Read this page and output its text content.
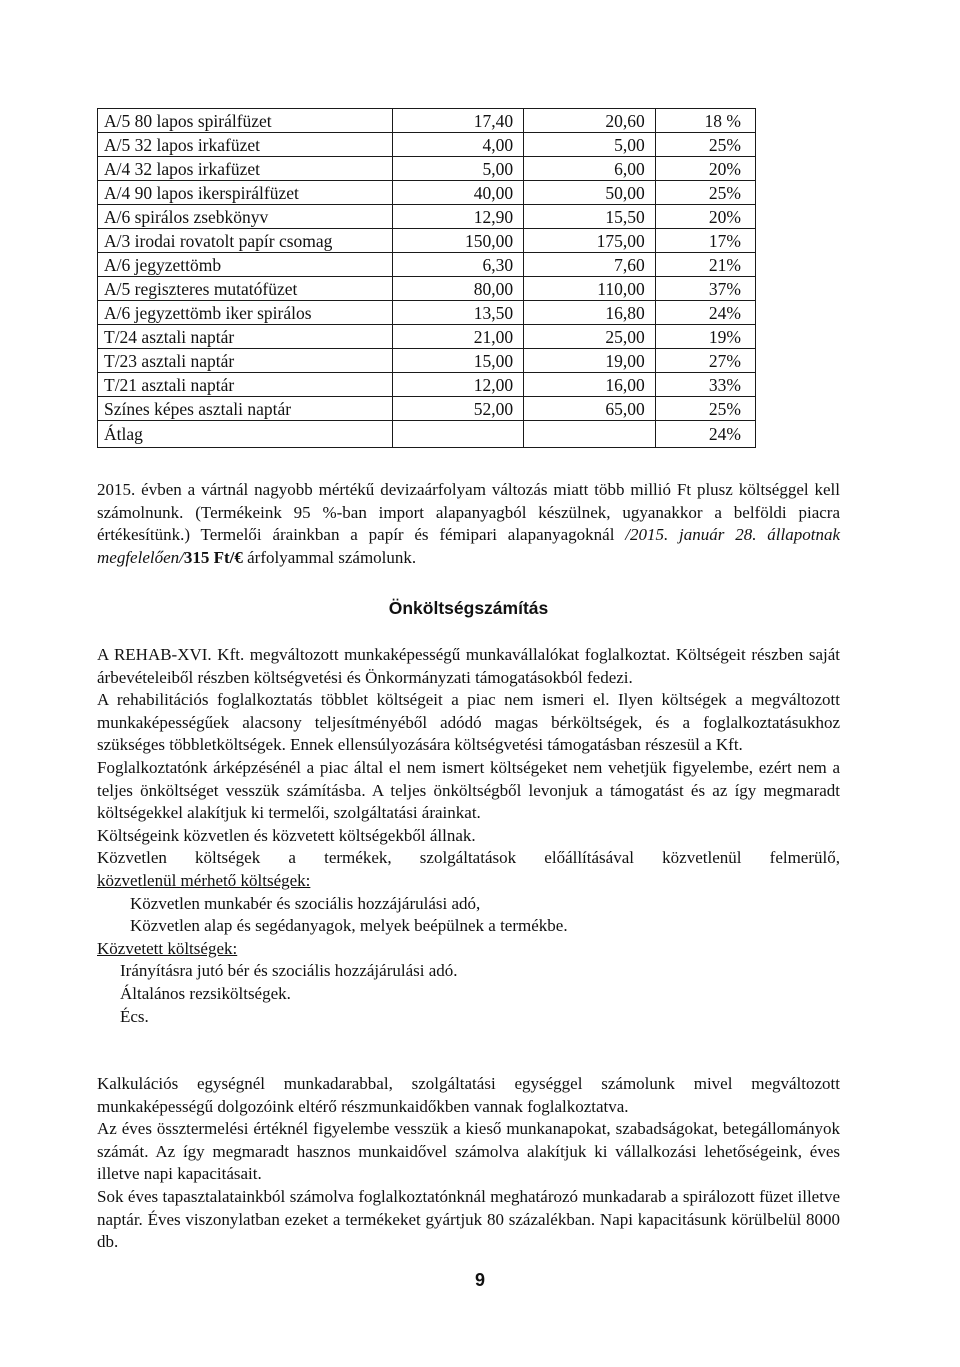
A/5 80 lapos spirálfüzet	17,40	20,60	18 %
A/5 32 lapos irkafüzet	4,00	5,00	25%
A/4 32 lapos irkafüzet	5,00	6,00	20%
A/4 90 lapos ikerspirálfüzet	40,00	50,00	25%
A/6 spirálos zsebkönyv	12,90	15,50	20%
A/3 irodai rovatolt papír csomag	150,00	175,00	17%
A/6 jegyzettömb	6,30	7,60	21%
A/5 regiszteres mutatófüzet	80,00	110,00	37%
A/6 jegyzettömb iker spirálos	13,50	16,80	24%
T/24 asztali naptár	21,00	25,00	19%
T/23 asztali naptár	15,00	19,00	27%
T/21 asztali naptár	12,00	16,00	33%
Színes képes asztali naptár	52,00	65,00	25%
Átlag			24%

2015. évben a vártnál nagyobb mértékű devizaárfolyam változás miatt több millió Ft plusz költséggel kell számolnunk. (Termékeink 95 %-ban import alapanyagból készülnek, ugyanakkor a belföldi piacra értékesítünk.) Termelői árainkban a papír és fémipari alapanyagoknál /2015. január 28. állapotnak megfelelően/315 Ft/€ árfolyammal számolunk.

Önköltségszámítás

A REHAB-XVI. Kft. megváltozott munkaképességű munkavállalókat foglalkoztat. Költségeit részben saját árbevételeiből részben költségvetési és Önkormányzati támogatásokból fedezi.

A rehabilitációs foglalkoztatás többlet költségeit a piac nem ismeri el. Ilyen költségek a megváltozott munkaképességűek alacsony teljesítményéből adódó magas bérköltségek, és a foglalkoztatásukhoz szükséges többletköltségek. Ennek ellensúlyozására költségvetési támogatásban részesül a Kft.

Foglalkoztatónk árképzésénél a piac által el nem ismert költségeket nem vehetjük figyelembe, ezért nem a teljes önköltséget vesszük számításba. A teljes önköltségből levonjuk a támogatást és az így megmaradt költségekkel alakítjuk ki termelői, szolgáltatási árainkat.

Költségeink közvetlen és közvetett költségekből állnak.

Közvetlen költségek a termékek, szolgáltatások előállításával közvetlenül felmerülő,

közvetlenül mérhető költségek:

Közvetlen munkabér és szociális hozzájárulási adó,

Közvetlen alap és segédanyagok, melyek beépülnek a termékbe.

Közvetett költségek:

Irányításra jutó bér és szociális hozzájárulási adó.

Általános rezsiköltségek.

Écs.

Kalkulációs egységnél munkadarabbal, szolgáltatási egységgel számolunk mivel megváltozott munkaképességű dolgozóink eltérő részmunkaidőkben vannak foglalkoztatva.

Az éves össztermelési értéknél figyelembe vesszük a kieső munkanapokat, szabadságokat, betegállományok számát. Az így megmaradt hasznos munkaidővel számolva alakítjuk ki vállalkozási lehetőségeink, éves illetve napi kapacitásait.

Sok éves tapasztalatainkból számolva foglalkoztatónknál meghatározó munkadarab a spirálozott füzet illetve naptár. Éves viszonylatban ezeket a termékeket gyártjuk 80 százalékban. Napi kapacitásunk körülbelül 8000 db.

9
